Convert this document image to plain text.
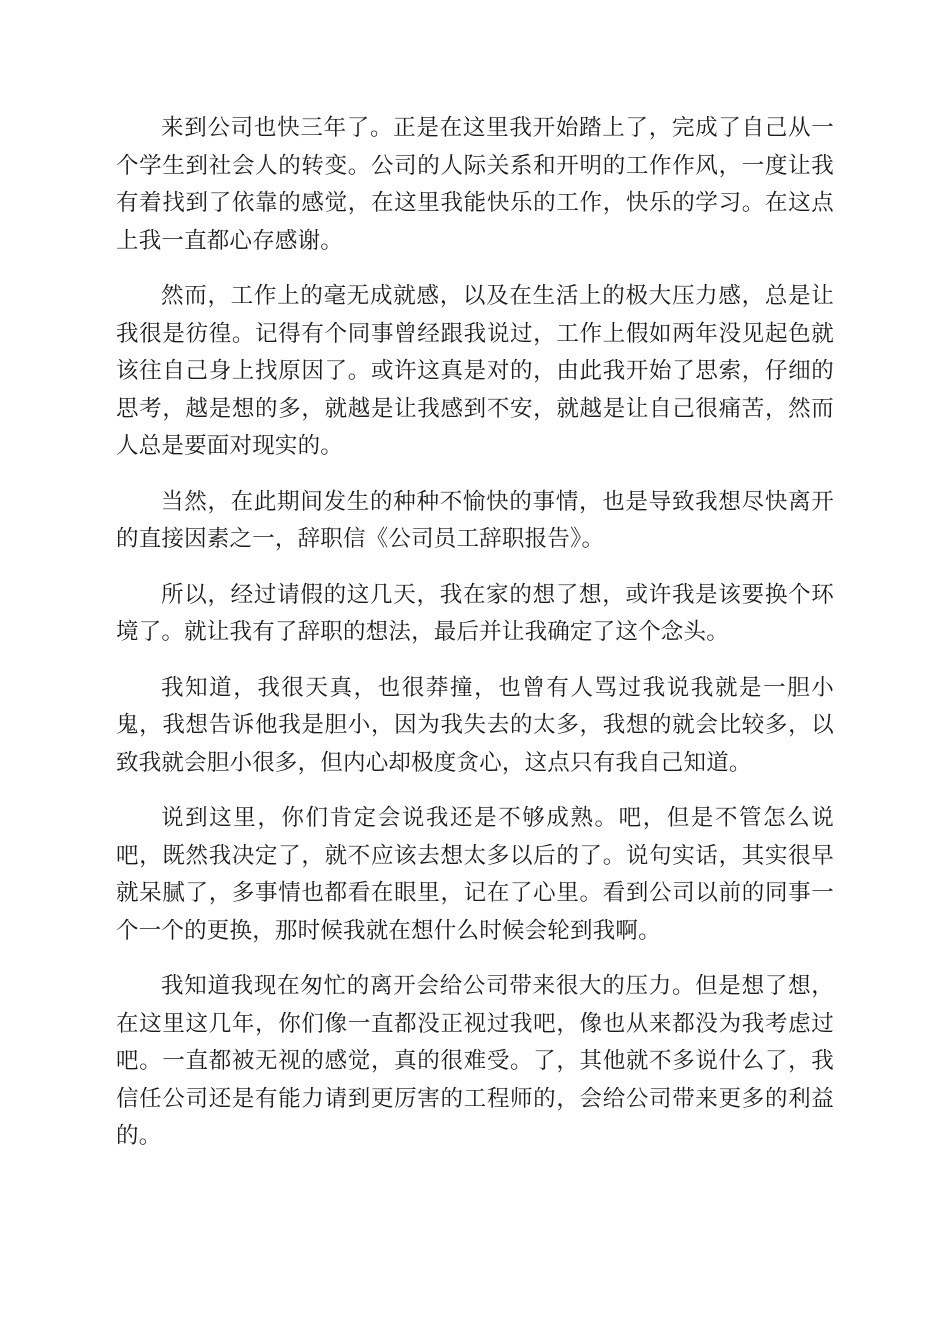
来到公司也快三年了。正是在这里我开始踏上了，完成了自己从一个学生到社会人的转变。公司的人际关系和开明的工作作风，一度让我有着找到了依靠的感觉，在这里我能快乐的工作，快乐的学习。在这点上我一直都心存感谢。

然而，工作上的毫无成就感，以及在生活上的极大压力感，总是让我很是彷徨。记得有个同事曾经跟我说过，工作上假如两年没见起色就该往自己身上找原因了。或许这真是对的，由此我开始了思索，仔细的思考，越是想的多，就越是让我感到不安，就越是让自己很痛苦，然而人总是要面对现实的。

当然，在此期间发生的种种不愉快的事情，也是导致我想尽快离开的直接因素之一，辞职信《公司员工辞职报告》。

所以，经过请假的这几天，我在家的想了想，或许我是该要换个环境了。就让我有了辞职的想法，最后并让我确定了这个念头。

我知道，我很天真，也很莽撞，也曾有人骂过我说我就是一胆小鬼，我想告诉他我是胆小，因为我失去的太多，我想的就会比较多，以致我就会胆小很多，但内心却极度贪心，这点只有我自己知道。

说到这里，你们肯定会说我还是不够成熟。吧，但是不管怎么说吧，既然我决定了，就不应该去想太多以后的了。说句实话，其实很早就呆腻了，多事情也都看在眼里，记在了心里。看到公司以前的同事一个一个的更换，那时候我就在想什么时候会轮到我啊。

我知道我现在匆忙的离开会给公司带来很大的压力。但是想了想，在这里这几年，你们像一直都没正视过我吧，像也从来都没为我考虑过吧。一直都被无视的感觉，真的很难受。了，其他就不多说什么了，我信任公司还是有能力请到更厉害的工程师的，会给公司带来更多的利益的。
